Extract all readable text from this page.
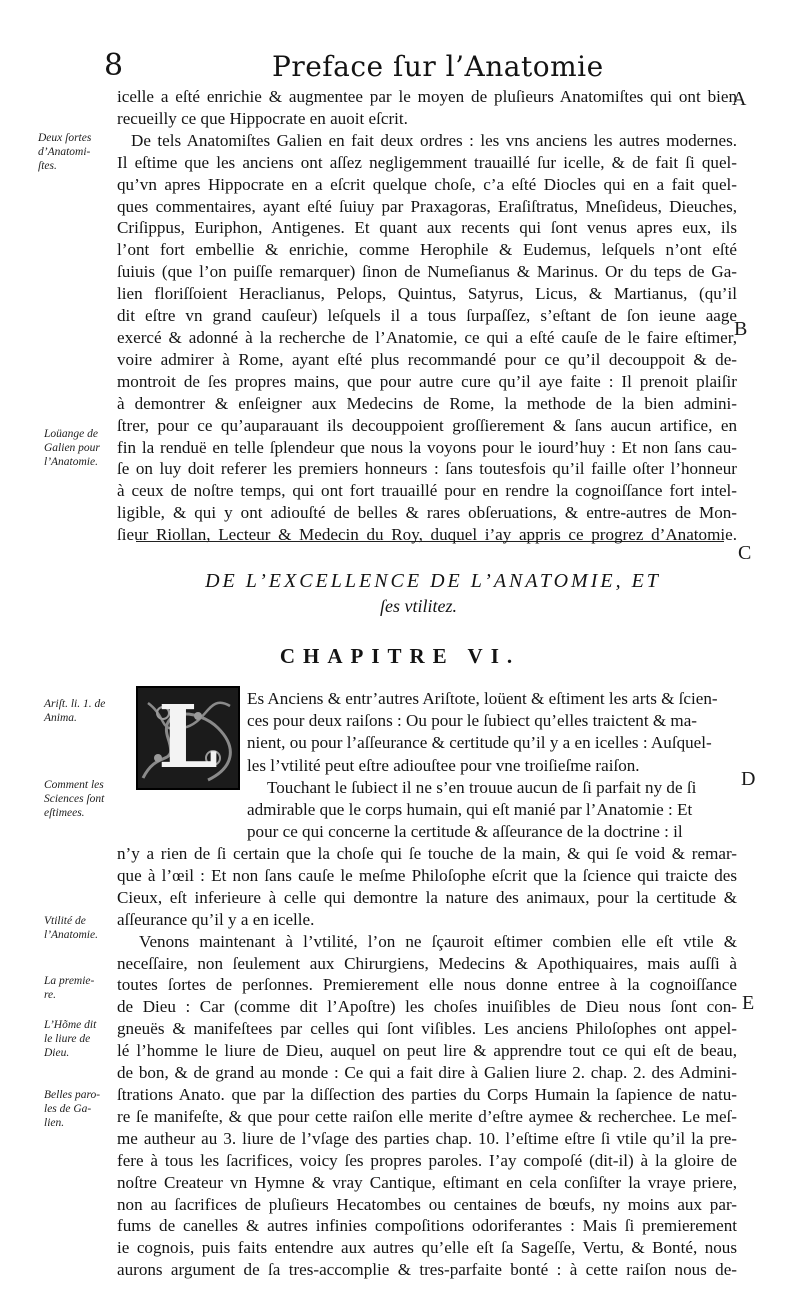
8	Preface ſur l’Anatomie
icelle a eſté enrichie & augmentee par le moyen de pluſieurs Anatomiſtes qui ont bien
recueilly ce que Hippocrate en auoit eſcrit.
De tels Anatomiſtes Galien en fait deux ordres : les vns anciens les autres modernes.
Il eſtime que les anciens ont aſſez negligemment trauaillé ſur icelle, & de fait ſi quel-
qu’vn apres Hippocrate en a eſcrit quelque choſe, c’a eſté Diocles qui en a fait quel-
ques commentaires, ayant eſté ſuiuy par Praxagoras, Eraſiſtratus, Mneſideus, Dieuches,
Criſippus, Euriphon, Antigenes. Et quant aux recents qui ſont venus apres eux, ils
l’ont fort embellie & enrichie, comme Herophile & Eudemus, leſquels n’ont eſté
ſuiuis (que l’on puiſſe remarquer) ſinon de Numeſianus & Marinus. Or du teps de Ga-
lien floriſſoient Heraclianus, Pelops, Quintus, Satyrus, Licus, & Martianus, (qu’il
dit eſtre vn grand cauſeur) leſquels il a tous ſurpaſſez, s’eſtant de ſon ieune aage
exercé & adonné à la recherche de l’Anatomie, ce qui a eſté cauſe de le faire eſtimer,
voire admirer à Rome, ayant eſté plus recommandé pour ce qu’il decouppoit & de-
montroit de ſes propres mains, que pour autre cure qu’il aye faite : Il prenoit plaiſir
à demontrer & enſeigner aux Medecins de Rome, la methode de la bien admini-
ſtrer, pour ce qu’auparauant ils decouppoient groſſierement & ſans aucun artifice, en
fin la renduë en telle ſplendeur que nous la voyons pour le iourd’huy : Et non ſans cau-
ſe on luy doit referer les premiers honneurs : ſans toutesfois qu’il faille oſter l’honneur
à ceux de noſtre temps, qui ont fort trauaillé pour en rendre la cognoiſſance fort intel-
ligible, & qui y ont adiouſté de belles & rares obſeruations, & entre-autres de Mon-
ſieur Riollan, Lecteur & Medecin du Roy, duquel i’ay appris ce progrez d’Anatomie.
DE L’EXCELLENCE DE L’ANATOMIE, ET
ſes vtilitez.
CHAPITRE VI.
L	Es Anciens & entr’autres Ariſtote, loüent & eſtiment les arts & ſcien-
ces pour deux raiſons : Ou pour le ſubiect qu’elles traictent & ma-
nient, ou pour l’aſſeurance & certitude qu’il y a en icelles : Auſquel-
les l’vtilité peut eſtre adiouſtee pour vne troiſieſme raiſon.
Touchant le ſubiect il ne s’en trouue aucun de ſi parfait ny de ſi
admirable que le corps humain, qui eſt manié par l’Anatomie : Et
pour ce qui concerne la certitude & aſſeurance de la doctrine : il
n’y a rien de ſi certain que la choſe qui ſe touche de la main, & qui ſe void & remar-
que à l’œil : Et non ſans cauſe le meſme Philoſophe eſcrit que la ſcience qui traicte des
Cieux, eſt inferieure à celle qui demontre la nature des animaux, pour la certitude &
aſſeurance qu’il y a en icelle.
Venons maintenant à l’vtilité, l’on ne ſçauroit eſtimer combien elle eſt vtile &
neceſſaire, non ſeulement aux Chirurgiens, Medecins & Apothiquaires, mais auſſi à
toutes ſortes de perſonnes. Premierement elle nous donne entree à la cognoiſſance
de Dieu : Car (comme dit l’Apoſtre) les choſes inuiſibles de Dieu nous ſont con-
gneuës & manifeſtees par celles qui ſont viſibles. Les anciens Philoſophes ont appel-
lé l’homme le liure de Dieu, auquel on peut lire & apprendre tout ce qui eſt de beau,
de bon, & de grand au monde : Ce qui a fait dire à Galien liure 2. chap. 2. des Admini-
ſtrations Anato. que par la diſſection des parties du Corps Humain la ſapience de natu-
re ſe manifeſte, & que pour cette raiſon elle merite d’eſtre aymee & recherchee. Le meſ-
me autheur au 3. liure de l’vſage des parties chap. 10. l’eſtime eſtre ſi vtile qu’il la pre-
fere à tous les ſacrifices, voicy ſes propres paroles. I’ay compoſé (dit-il) à la gloire de
noſtre Createur vn Hymne & vray Cantique, eſtimant en cela conſiſter la vraye priere,
non au ſacrifices de pluſieurs Hecatombes ou centaines de bœufs, ny moins aux par-
fums de canelles & autres infinies compoſitions odoriferantes : Mais ſi premierement
ie cognois, puis faits entendre aux autres qu’elle eſt ſa Sageſſe, Vertu, & Bonté, nous
aurons argument de ſa tres-accomplie & tres-parfaite bonté : à cette raiſon nous de-
Deux ſortes
d’Anatomi-
ſtes.
Loüange de
Galien pour
l’Anatomie.
Ariſt. li. 1. de
Anima.
Comment les
Sciences ſont
eſtimees.
Vtilité de
l’Anatomie.
La premie-
re.
L’Hõme dit
le liure de
Dieu.
Belles paro-
les de Ga-
lien.
A
B
C
D
E
